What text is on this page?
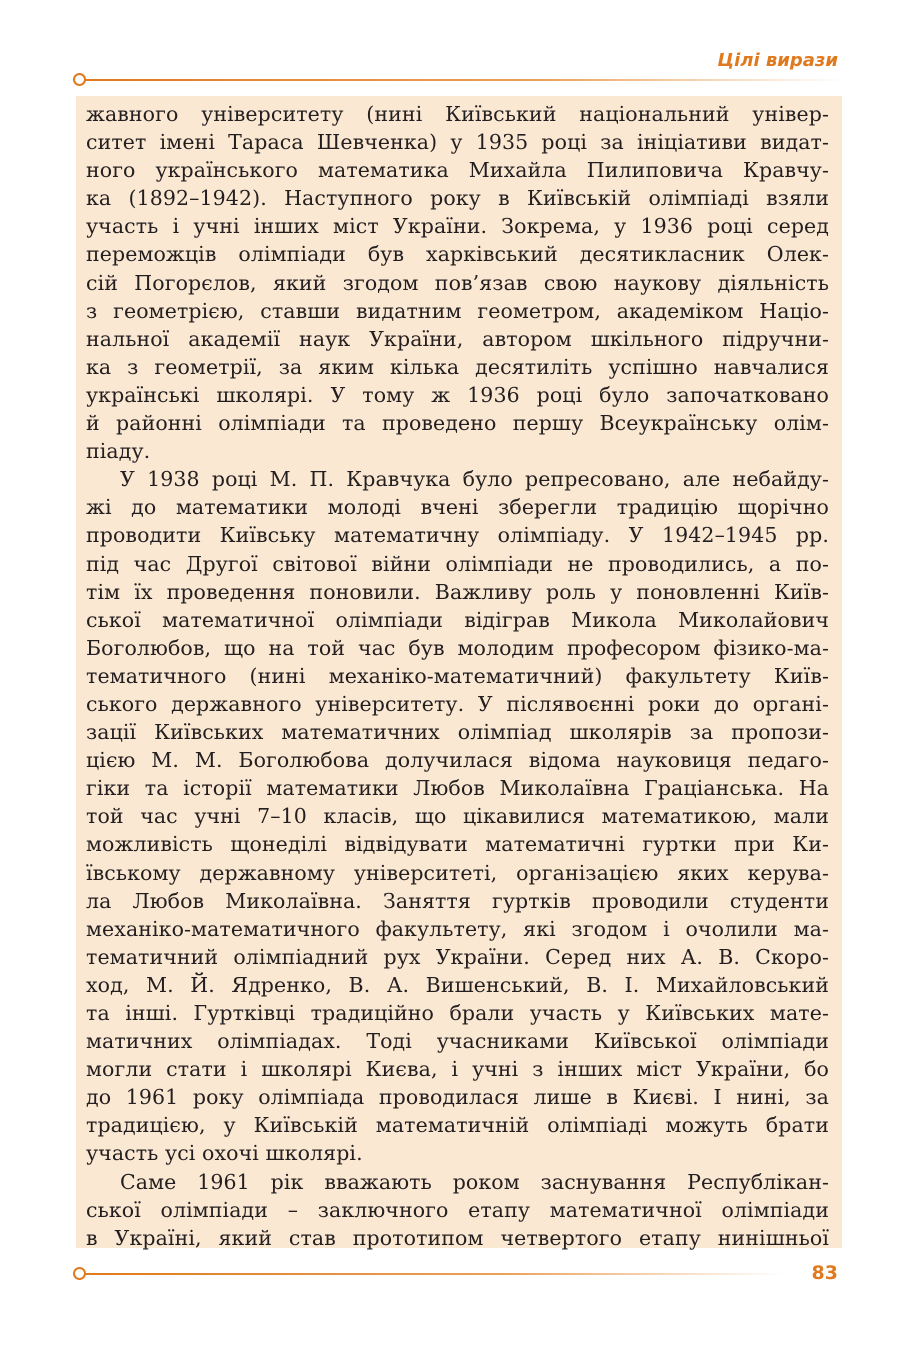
Цілі вирази
жавного університету (нині Київський національний універ-
ситет імені Тараса Шевченка) у 1935 році за ініціативи видат-
ного українського математика Михайла Пилиповича Кравчу-
ка (1892–1942). Наступного року в Київській олімпіаді взяли
участь і учні інших міст України. Зокрема, у 1936 році серед
переможців олімпіади був харківський десятикласник Олек-
сій Погорєлов, який згодом пов’язав свою наукову діяльність
з геометрією, ставши видатним геометром, академіком Націо-
нальної академії наук України, автором шкільного підручни-
ка з геометрії, за яким кілька десятиліть успішно навчалися
українські школярі. У тому ж 1936 році було започатковано
й районні олімпіади та проведено першу Всеукраїнську олім-
піаду.
У 1938 році М. П. Кравчука було репресовано, але небайду-
жі до математики молоді вчені зберегли традицію щорічно
проводити Київську математичну олімпіаду. У 1942–1945 рр.
під час Другої світової війни олімпіади не проводились, а по-
тім їх проведення поновили. Важливу роль у поновленні Київ-
ської математичної олімпіади відіграв Микола Миколайович
Боголюбов, що на той час був молодим професором фізико-ма-
тематичного (нині механіко-математичний) факультету Київ-
ського державного університету. У післявоєнні роки до органі-
зації Київських математичних олімпіад школярів за пропози-
цією М. М. Боголюбова долучилася відома науковиця педаго-
гіки та історії математики Любов Миколаївна Граціанська. На
той час учні 7–10 класів, що цікавилися математикою, мали
можливість щонеділі відвідувати математичні гуртки при Ки-
ївському державному університеті, організацією яких керува-
ла Любов Миколаївна. Заняття гуртків проводили студенти
механіко-математичного факультету, які згодом і очолили ма-
тематичний олімпіадний рух України. Серед них А. В. Скоро-
ход, М. Й. Ядренко, В. А. Вишенський, В. І. Михайловський
та інші. Гуртківці традиційно брали участь у Київських мате-
матичних олімпіадах. Тоді учасниками Київської олімпіади
могли стати і школярі Києва, і учні з інших міст України, бо
до 1961 року олімпіада проводилася лише в Києві. І нині, за
традицією, у Київській математичній олімпіаді можуть брати
участь усі охочі школярі.
Саме 1961 рік вважають роком заснування Республікан-
ської олімпіади – заключного етапу математичної олімпіади
в Україні, який став прототипом четвертого етапу нинішньої
83
